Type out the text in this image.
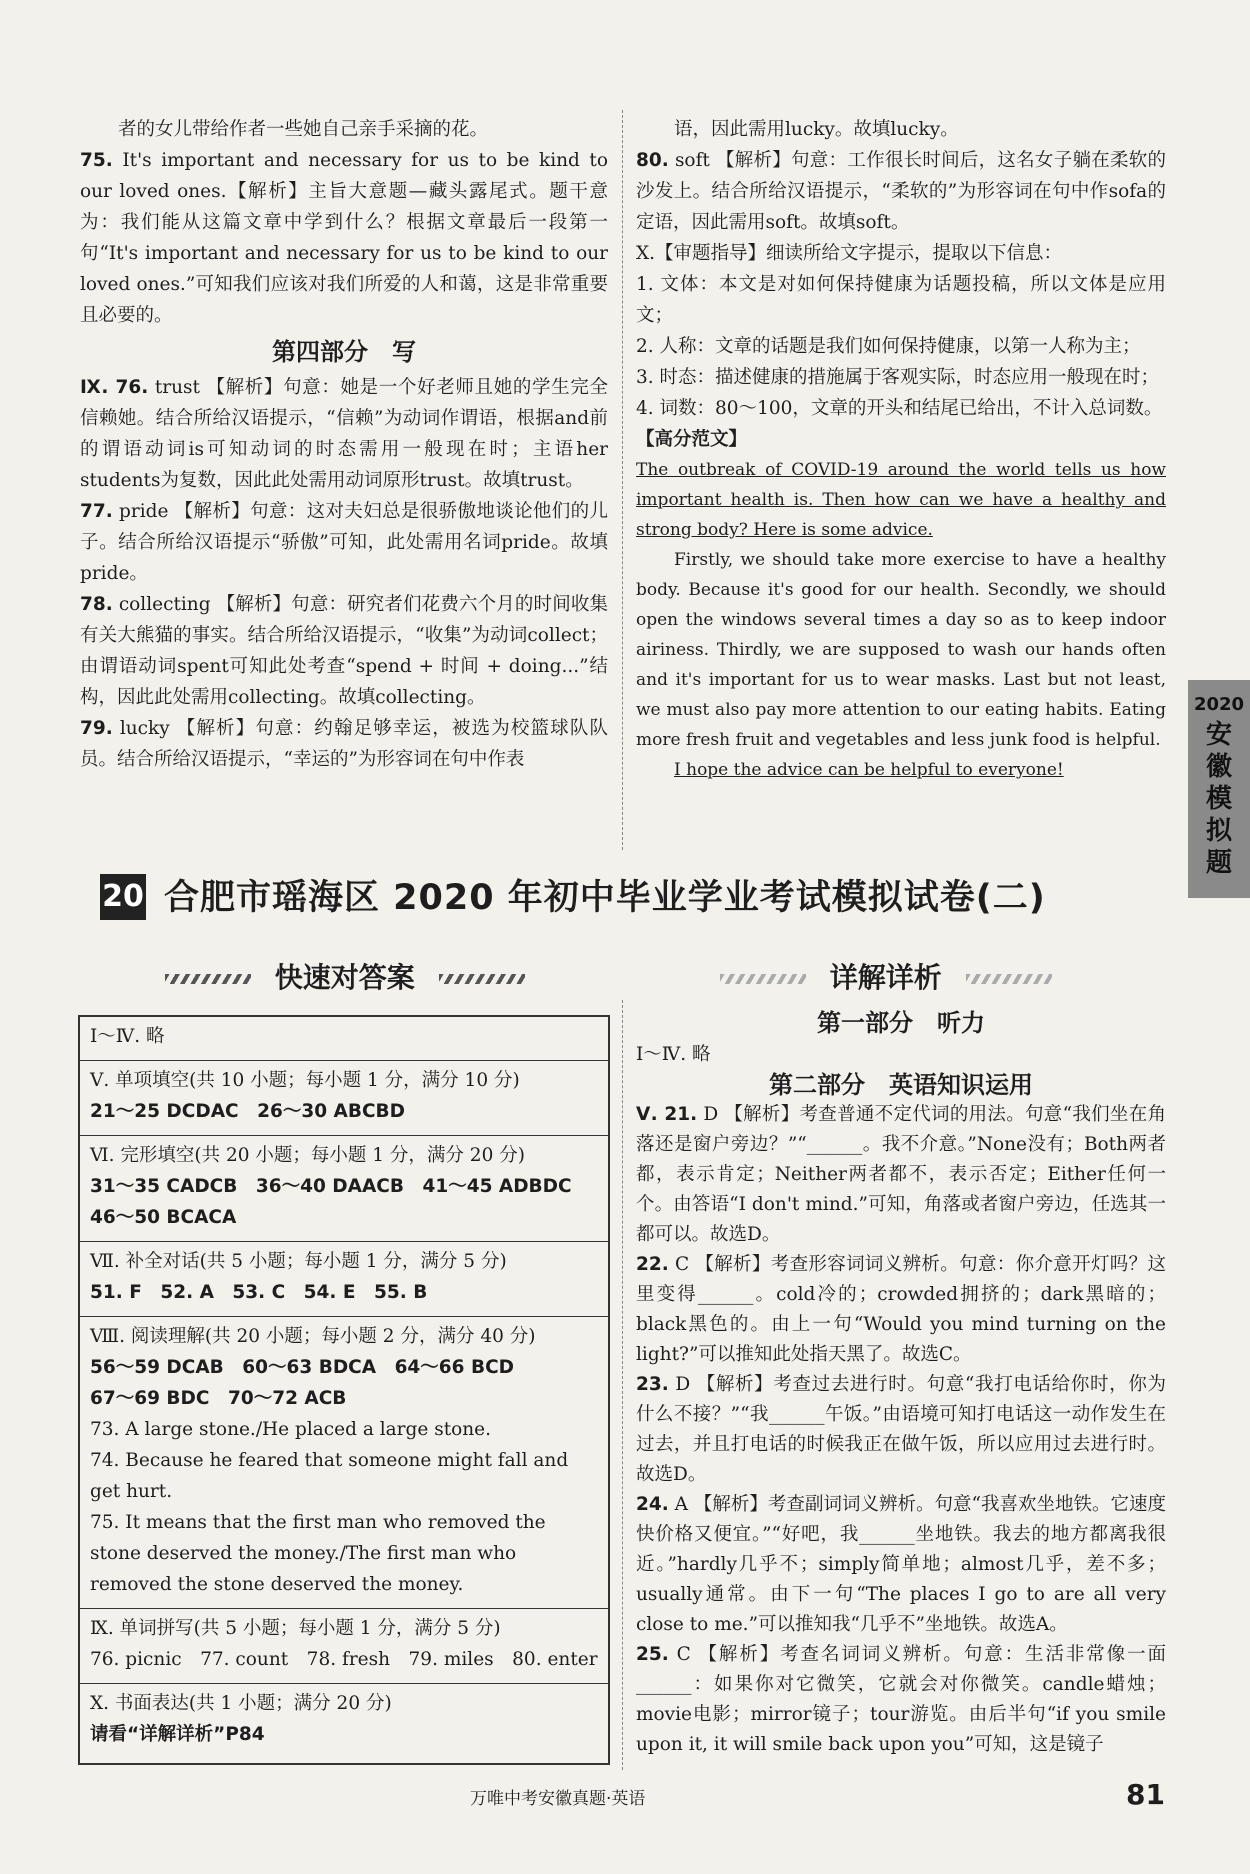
者的女儿带给作者一些她自己亲手采摘的花。

75. It's important and necessary for us to be kind to our loved ones.【解析】主旨大意题—藏头露尾式。题干意为：我们能从这篇文章中学到什么？根据文章最后一段第一句“It's important and necessary for us to be kind to our loved ones.”可知我们应该对我们所爱的人和蔼，这是非常重要且必要的。

第四部分　写

Ⅸ. 76. trust 【解析】句意：她是一个好老师且她的学生完全信赖她。结合所给汉语提示，“信赖”为动词作谓语，根据and前的谓语动词is可知动词的时态需用一般现在时；主语her students为复数，因此此处需用动词原形trust。故填trust。

77. pride 【解析】句意：这对夫妇总是很骄傲地谈论他们的儿子。结合所给汉语提示“骄傲”可知，此处需用名词pride。故填pride。

78. collecting 【解析】句意：研究者们花费六个月的时间收集有关大熊猫的事实。结合所给汉语提示，“收集”为动词collect；由谓语动词spent可知此处考查“spend + 时间 + doing...”结构，因此此处需用collecting。故填collecting。

79. lucky 【解析】句意：约翰足够幸运，被选为校篮球队队员。结合所给汉语提示，“幸运的”为形容词在句中作表

语，因此需用lucky。故填lucky。

80. soft 【解析】句意：工作很长时间后，这名女子躺在柔软的沙发上。结合所给汉语提示，“柔软的”为形容词在句中作sofa的定语，因此需用soft。故填soft。

Ⅹ.【审题指导】细读所给文字提示，提取以下信息：

1. 文体：本文是对如何保持健康为话题投稿，所以文体是应用文；

2. 人称：文章的话题是我们如何保持健康，以第一人称为主；

3. 时态：描述健康的措施属于客观实际，时态应用一般现在时；

4. 词数：80～100，文章的开头和结尾已给出，不计入总词数。

【高分范文】

The outbreak of COVID-19 around the world tells us how important health is. Then how can we have a healthy and strong body? Here is some advice.

Firstly, we should take more exercise to have a healthy body. Because it's good for our health. Secondly, we should open the windows several times a day so as to keep indoor airiness. Thirdly, we are supposed to wash our hands often and it's important for us to wear masks. Last but not least, we must also pay more attention to our eating habits. Eating more fresh fruit and vegetables and less junk food is helpful.

I hope the advice can be helpful to everyone!

2020
安
徽
模
拟
题
20 合肥市瑶海区 2020 年初中毕业学业考试模拟试卷(二)
快速对答案	详解详析
Ⅰ～Ⅳ. 略
Ⅴ. 单项填空(共 10 小题；每小题 1 分，满分 10 分)
21～25 DCDAC　26～30 ABCBD
Ⅵ. 完形填空(共 20 小题；每小题 1 分，满分 20 分)
31～35 CADCB　36～40 DAACB　41～45 ADBDC
46～50 BCACA
Ⅶ. 补全对话(共 5 小题；每小题 1 分，满分 5 分)
51. F　52. A　53. C　54. E　55. B
Ⅷ. 阅读理解(共 20 小题；每小题 2 分，满分 40 分)
56～59 DCAB　60～63 BDCA　64～66 BCD
67～69 BDC　70～72 ACB
73. A large stone./He placed a large stone.
74. Because he feared that someone might fall and get hurt.
75. It means that the first man who removed the stone deserved the money./The first man who removed the stone deserved the money.
Ⅸ. 单词拼写(共 5 小题；每小题 1 分，满分 5 分)
76. picnic　77. count　78. fresh　79. miles　80. enter
Ⅹ. 书面表达(共 1 小题；满分 20 分)
请看“详解详析”P84
第一部分　听力

Ⅰ～Ⅳ. 略

第二部分　英语知识运用

Ⅴ. 21. D 【解析】考查普通不定代词的用法。句意“我们坐在角落还是窗户旁边？”“______。我不介意。”None没有；Both两者都，表示肯定；Neither两者都不，表示否定；Either任何一个。由答语“I don't mind.”可知，角落或者窗户旁边，任选其一都可以。故选D。

22. C 【解析】考查形容词词义辨析。句意：你介意开灯吗？这里变得______。cold冷的；crowded拥挤的；dark黑暗的；black黑色的。由上一句“Would you mind turning on the light?”可以推知此处指天黑了。故选C。

23. D 【解析】考查过去进行时。句意“我打电话给你时，你为什么不接？”“我______午饭。”由语境可知打电话这一动作发生在过去，并且打电话的时候我正在做午饭，所以应用过去进行时。故选D。

24. A 【解析】考查副词词义辨析。句意“我喜欢坐地铁。它速度快价格又便宜。”“好吧，我______坐地铁。我去的地方都离我很近。”hardly几乎不；simply简单地；almost几乎，差不多；usually通常。由下一句“The places I go to are all very close to me.”可以推知我“几乎不”坐地铁。故选A。

25. C 【解析】考查名词词义辨析。句意：生活非常像一面______：如果你对它微笑，它就会对你微笑。candle蜡烛；movie电影；mirror镜子；tour游览。由后半句“if you smile upon it, it will smile back upon you”可知，这是镜子

万唯中考安徽真题·英语	81
